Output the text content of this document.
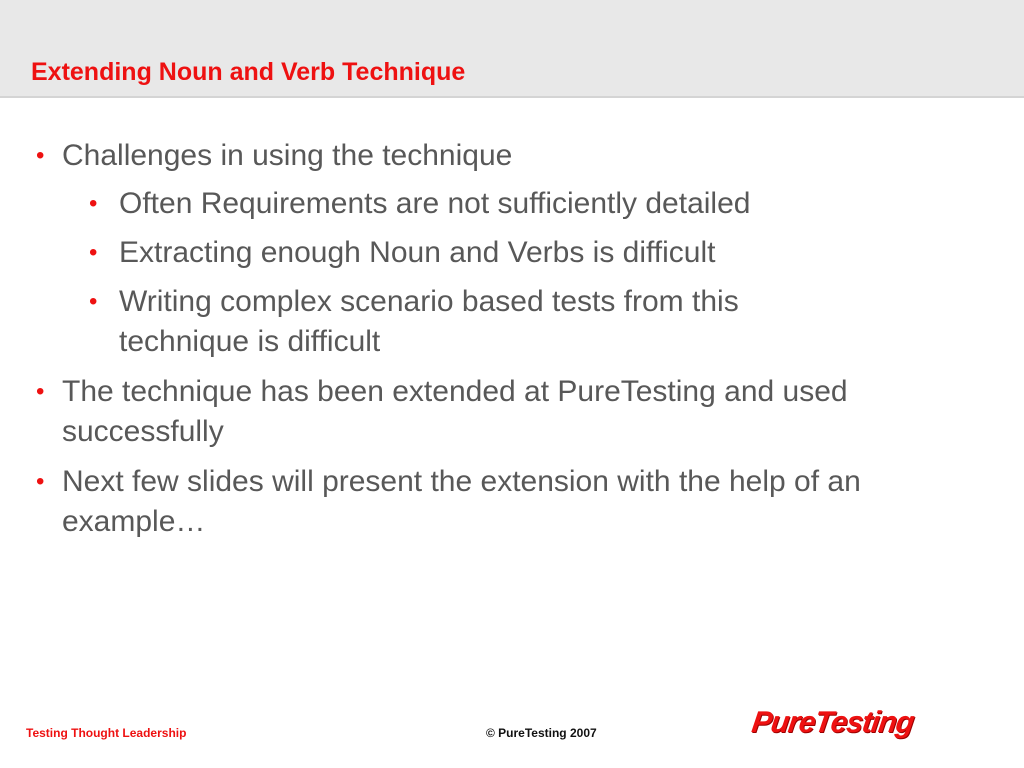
Extending Noun and Verb Technique
• Challenges in using the technique
• Often Requirements are not sufficiently detailed
• Extracting enough Noun and Verbs is difficult
• Writing complex scenario based tests from this technique is difficult
• The technique has been extended at PureTesting and used successfully
• Next few slides will present the extension with the help of an example…
Testing Thought Leadership	© PureTesting 2007	PureTesting
